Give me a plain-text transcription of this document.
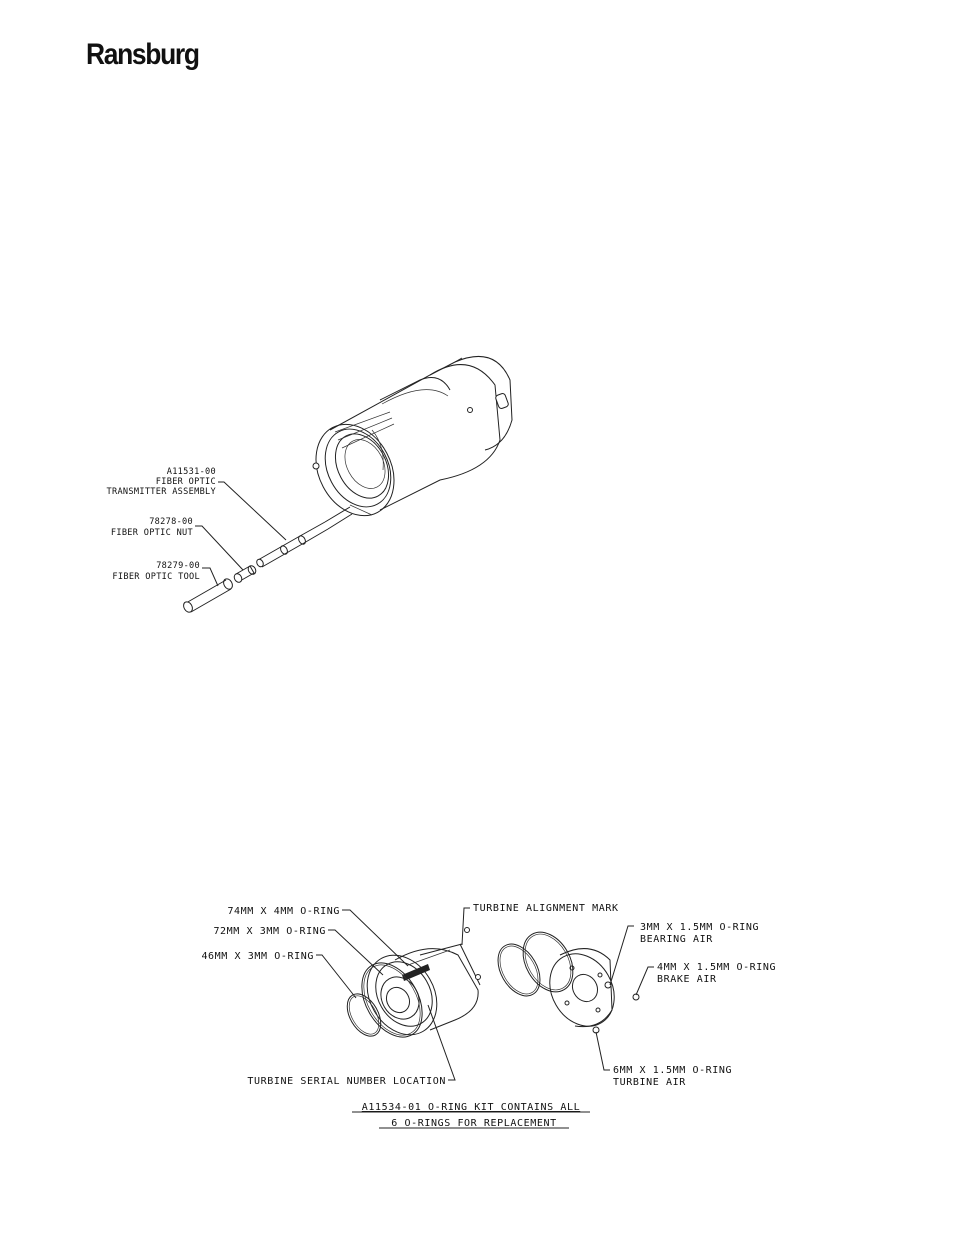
Ransburg
A11531-00
FIBER OPTIC
TRANSMITTER ASSEMBLY
78278-00
FIBER OPTIC NUT
78279-00
FIBER OPTIC TOOL
74MM X 4MM O-RING
72MM X 3MM O-RING
46MM X 3MM O-RING
TURBINE ALIGNMENT MARK
3MM X 1.5MM O-RING
BEARING AIR
4MM X 1.5MM O-RING
BRAKE AIR
6MM X 1.5MM O-RING
TURBINE AIR
TURBINE SERIAL NUMBER LOCATION
A11534-01 O-RING KIT CONTAINS ALL
6 O-RINGS FOR REPLACEMENT
